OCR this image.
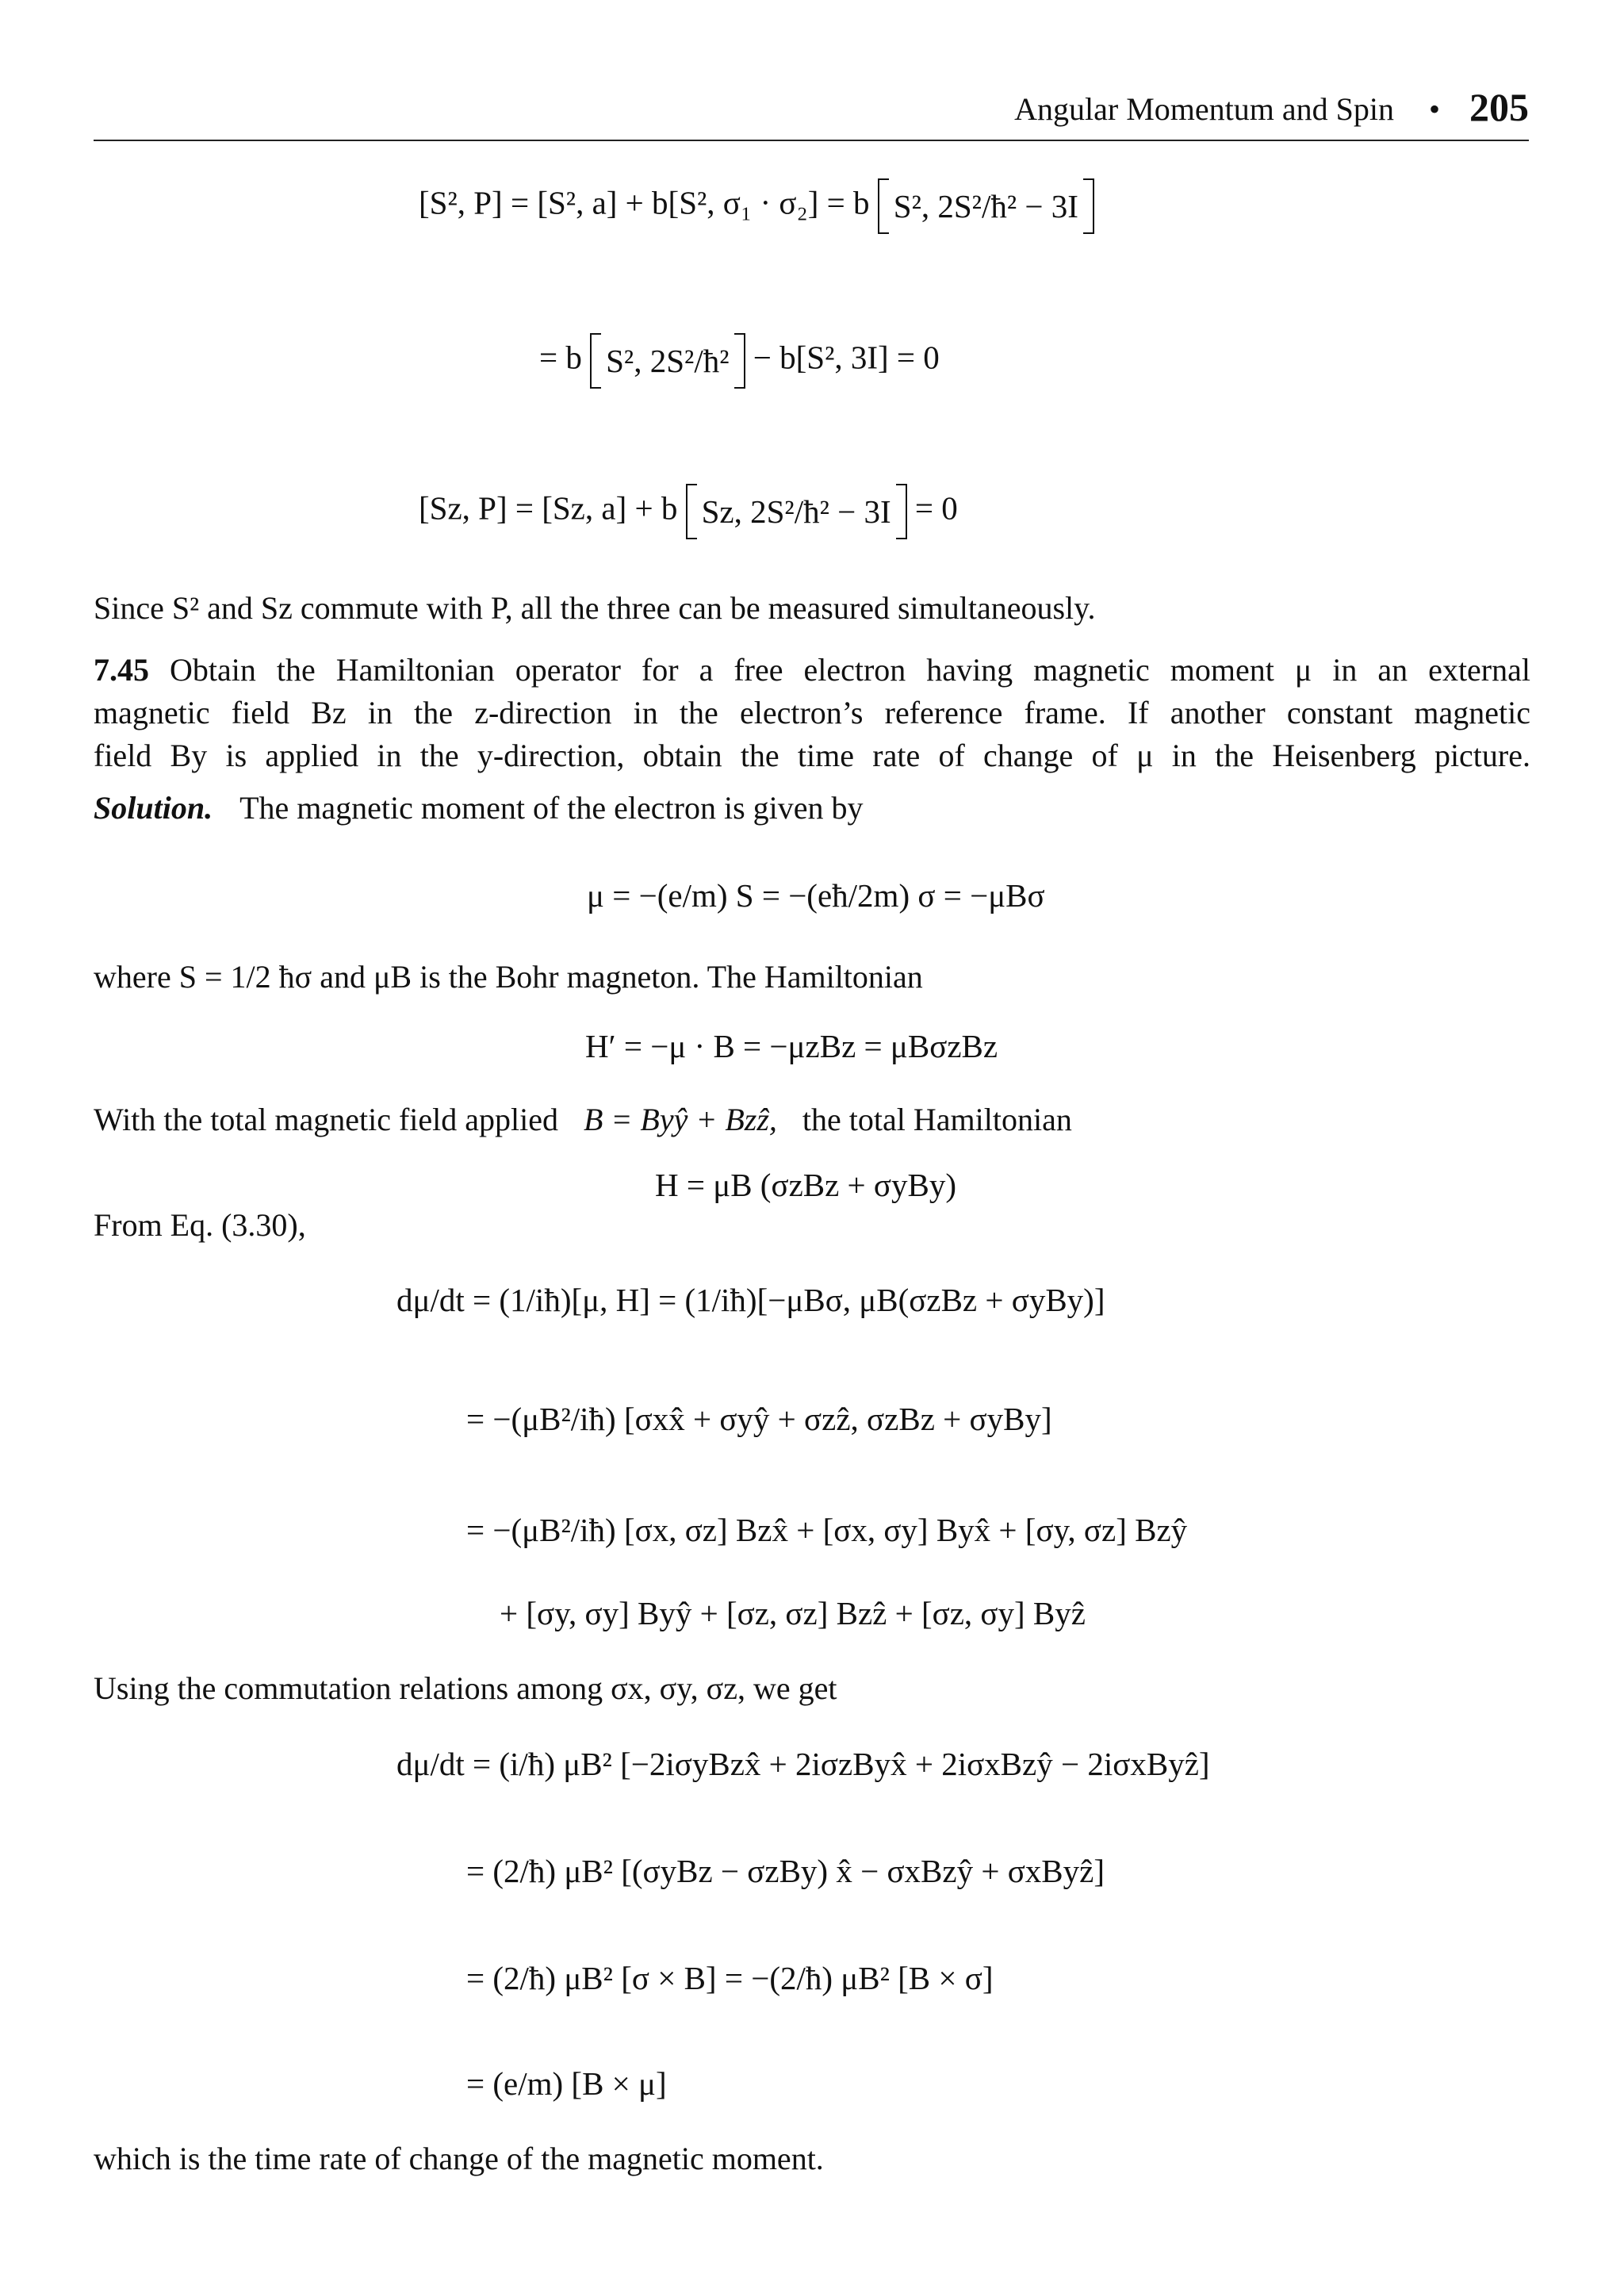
Angular Momentum and Spin • 205
[S², P] = [S², a] + b[S², σ₁ · σ₂] = b S², 2S²/ħ² − 3I
= b S², 2S²/ħ² − b[S², 3I] = 0
[Sz, P] = [Sz, a] + b Sz, 2S²/ħ² − 3I = 0
Since S² and Sz commute with P, all the three can be measured simultaneously.
7.45 Obtain the Hamiltonian operator for a free electron having magnetic moment μ in an external
magnetic field Bz in the z-direction in the electron’s reference frame. If another constant magnetic
field By is applied in the y-direction, obtain the time rate of change of μ in the Heisenberg picture.
Solution. The magnetic moment of the electron is given by
μ = −(e/m) S = −(eħ/2m) σ = −μBσ
where S = 1/2 ħσ and μB is the Bohr magneton. The Hamiltonian
H′ = −μ · B = −μzBz = μBσzBz
With the total magnetic field applied B = Byŷ + Bzẑ, the total Hamiltonian
H = μB (σzBz + σyBy)
From Eq. (3.30),
dμ/dt = (1/iħ)[μ, H] = (1/iħ)[−μBσ, μB(σzBz + σyBy)]
= −(μB²/iħ) [σxx̂ + σyŷ + σzẑ, σzBz + σyBy]
= −(μB²/iħ) [σx, σz] Bzx̂ + [σx, σy] Byx̂ + [σy, σz] Bzŷ
+ [σy, σy] Byŷ + [σz, σz] Bzẑ + [σz, σy] Byẑ
Using the commutation relations among σx, σy, σz, we get
dμ/dt = (i/ħ) μB² [−2iσyBzx̂ + 2iσzByx̂ + 2iσxBzŷ − 2iσxByẑ]
= (2/ħ) μB² [(σyBz − σzBy) x̂ − σxBzŷ + σxByẑ]
= (2/ħ) μB² [σ × B] = −(2/ħ) μB² [B × σ]
= (e/m) [B × μ]
which is the time rate of change of the magnetic moment.
